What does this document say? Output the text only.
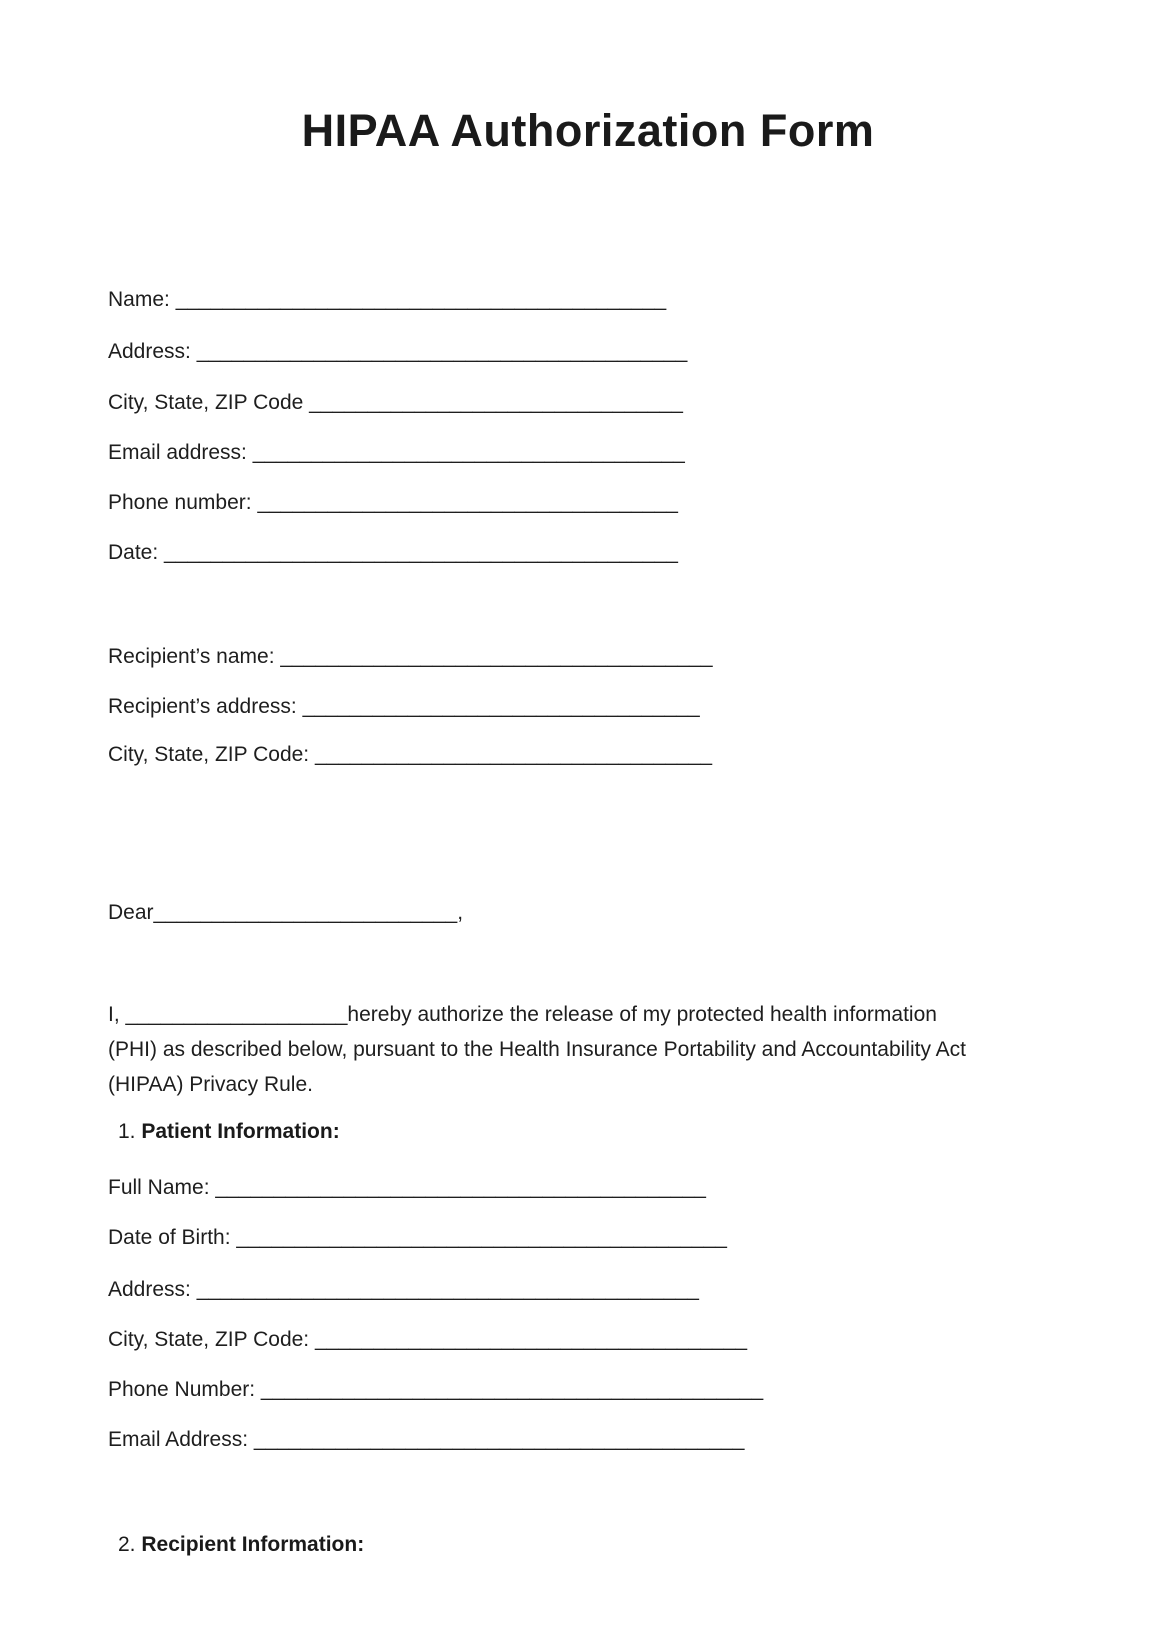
HIPAA Authorization Form
Name: __________________________________________
Address: __________________________________________
City, State, ZIP Code ________________________________
Email address: _____________________________________
Phone number: ____________________________________
Date: ____________________________________________
Recipient’s name: _____________________________________
Recipient’s address: __________________________________
City, State, ZIP Code: __________________________________
Dear__________________________,
I, ___________________hereby authorize the release of my protected health information
(PHI) as described below, pursuant to the Health Insurance Portability and Accountability Act
(HIPAA) Privacy Rule.
1. Patient Information:
Full Name: __________________________________________
Date of Birth: __________________________________________
Address: ___________________________________________
City, State, ZIP Code: _____________________________________
Phone Number: ___________________________________________
Email Address: __________________________________________
2. Recipient Information:
